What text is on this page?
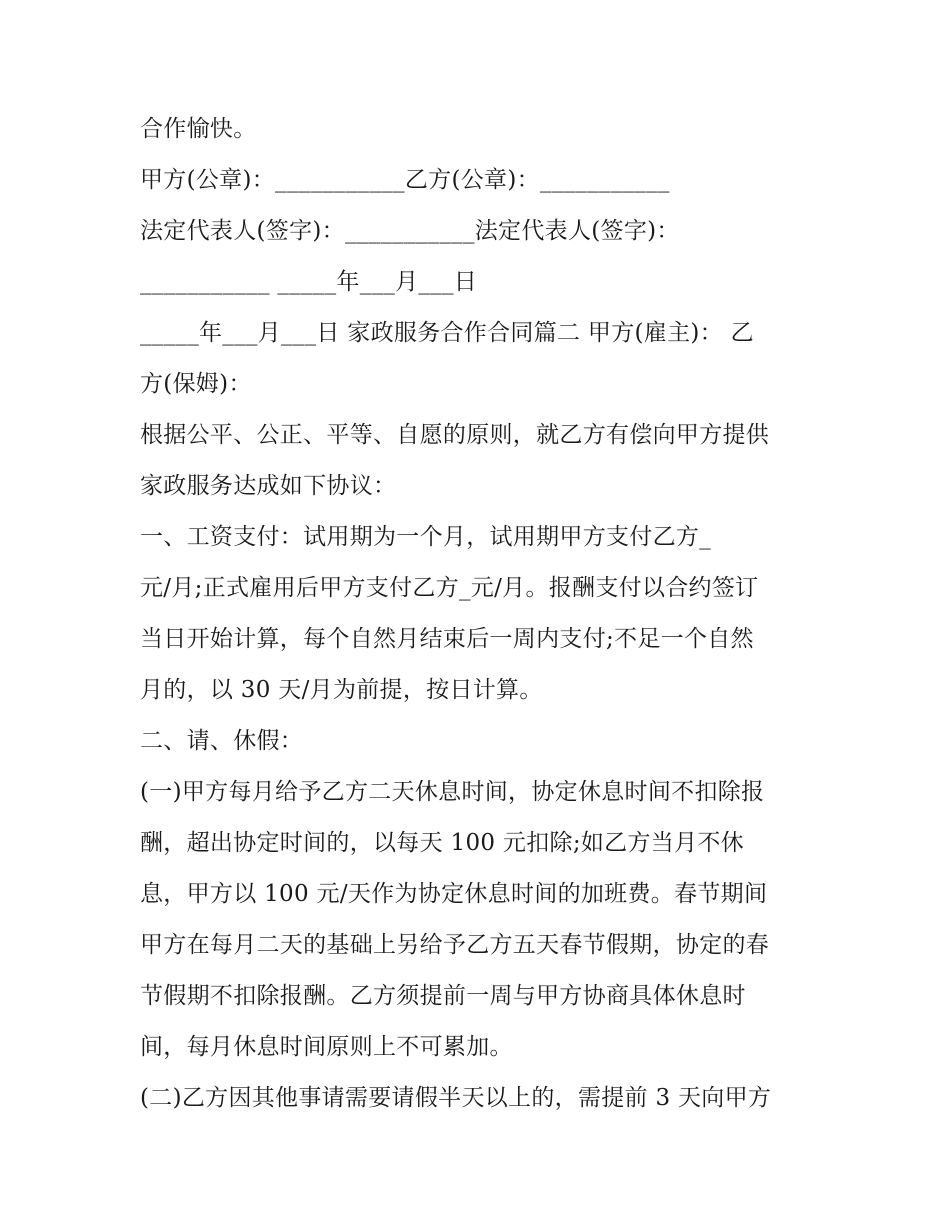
合作愉快。
甲方(公章)：___________乙方(公章)：___________
法定代表人(签字)：___________法定代表人(签字)：
___________ _____年___月___日
_____年___月___日 家政服务合作合同篇二 甲方(雇主)： 乙
方(保姆)：
根据公平、公正、平等、自愿的原则，就乙方有偿向甲方提供
家政服务达成如下协议：
一、工资支付：试用期为一个月，试用期甲方支付乙方_
元/月;正式雇用后甲方支付乙方_元/月。报酬支付以合约签订
当日开始计算，每个自然月结束后一周内支付;不足一个自然
月的，以 30 天/月为前提，按日计算。
二、请、休假：
(一)甲方每月给予乙方二天休息时间，协定休息时间不扣除报
酬，超出协定时间的，以每天 100 元扣除;如乙方当月不休
息，甲方以 100 元/天作为协定休息时间的加班费。春节期间
甲方在每月二天的基础上另给予乙方五天春节假期，协定的春
节假期不扣除报酬。乙方须提前一周与甲方协商具体休息时
间，每月休息时间原则上不可累加。
(二)乙方因其他事请需要请假半天以上的，需提前 3 天向甲方
